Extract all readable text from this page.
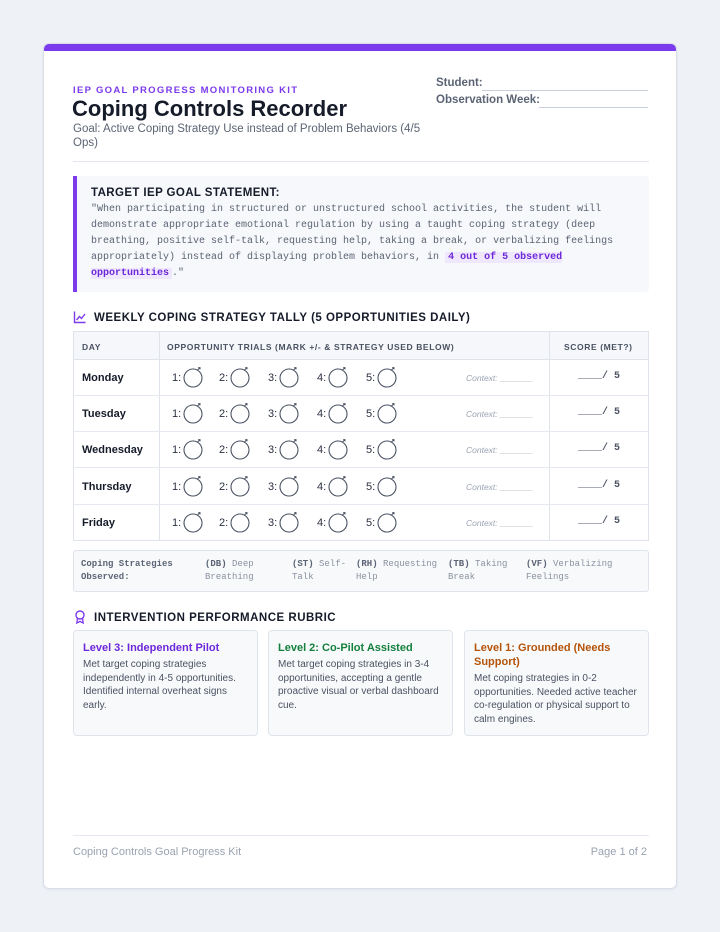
IEP GOAL PROGRESS MONITORING KIT
Coping Controls Recorder
Goal: Active Coping Strategy Use instead of Problem Behaviors (4/5 Ops)
Student:
Observation Week:
TARGET IEP GOAL STATEMENT:
"When participating in structured or unstructured school activities, the student will demonstrate appropriate emotional regulation by using a taught coping strategy (deep breathing, positive self-talk, requesting help, taking a break, or verbalizing feelings appropriately) instead of displaying problem behaviors, in 4 out of 5 observed opportunities ."
WEEKLY COPING STRATEGY TALLY (5 OPPORTUNITIES DAILY)
DAY	OPPORTUNITY TRIALS (MARK +/- & STRATEGY USED BELOW)	SCORE (MET?)
Monday	1:	2:	3:	4:	5:	Context: _______	____/ 5
Tuesday	1:	2:	3:	4:	5:	Context: _______	____/ 5
Wednesday	1:	2:	3:	4:	5:	Context: _______	____/ 5
Thursday	1:	2:	3:	4:	5:	Context: _______	____/ 5
Friday	1:	2:	3:	4:	5:	Context: _______	____/ 5
Coping Strategies Observed:
(DB) Deep Breathing
(ST) Self-Talk
(RH) Requesting Help
(TB) Taking Break
(VF) Verbalizing Feelings
INTERVENTION PERFORMANCE RUBRIC
Level 3: Independent Pilot
Met target coping strategies independently in 4-5 opportunities. Identified internal overheat signs early.
Level 2: Co-Pilot Assisted
Met target coping strategies in 3-4 opportunities, accepting a gentle proactive visual or verbal dashboard cue.
Level 1: Grounded (Needs Support)
Met coping strategies in 0-2 opportunities. Needed active teacher co-regulation or physical support to calm engines.
Coping Controls Goal Progress Kit	Page 1 of 2
